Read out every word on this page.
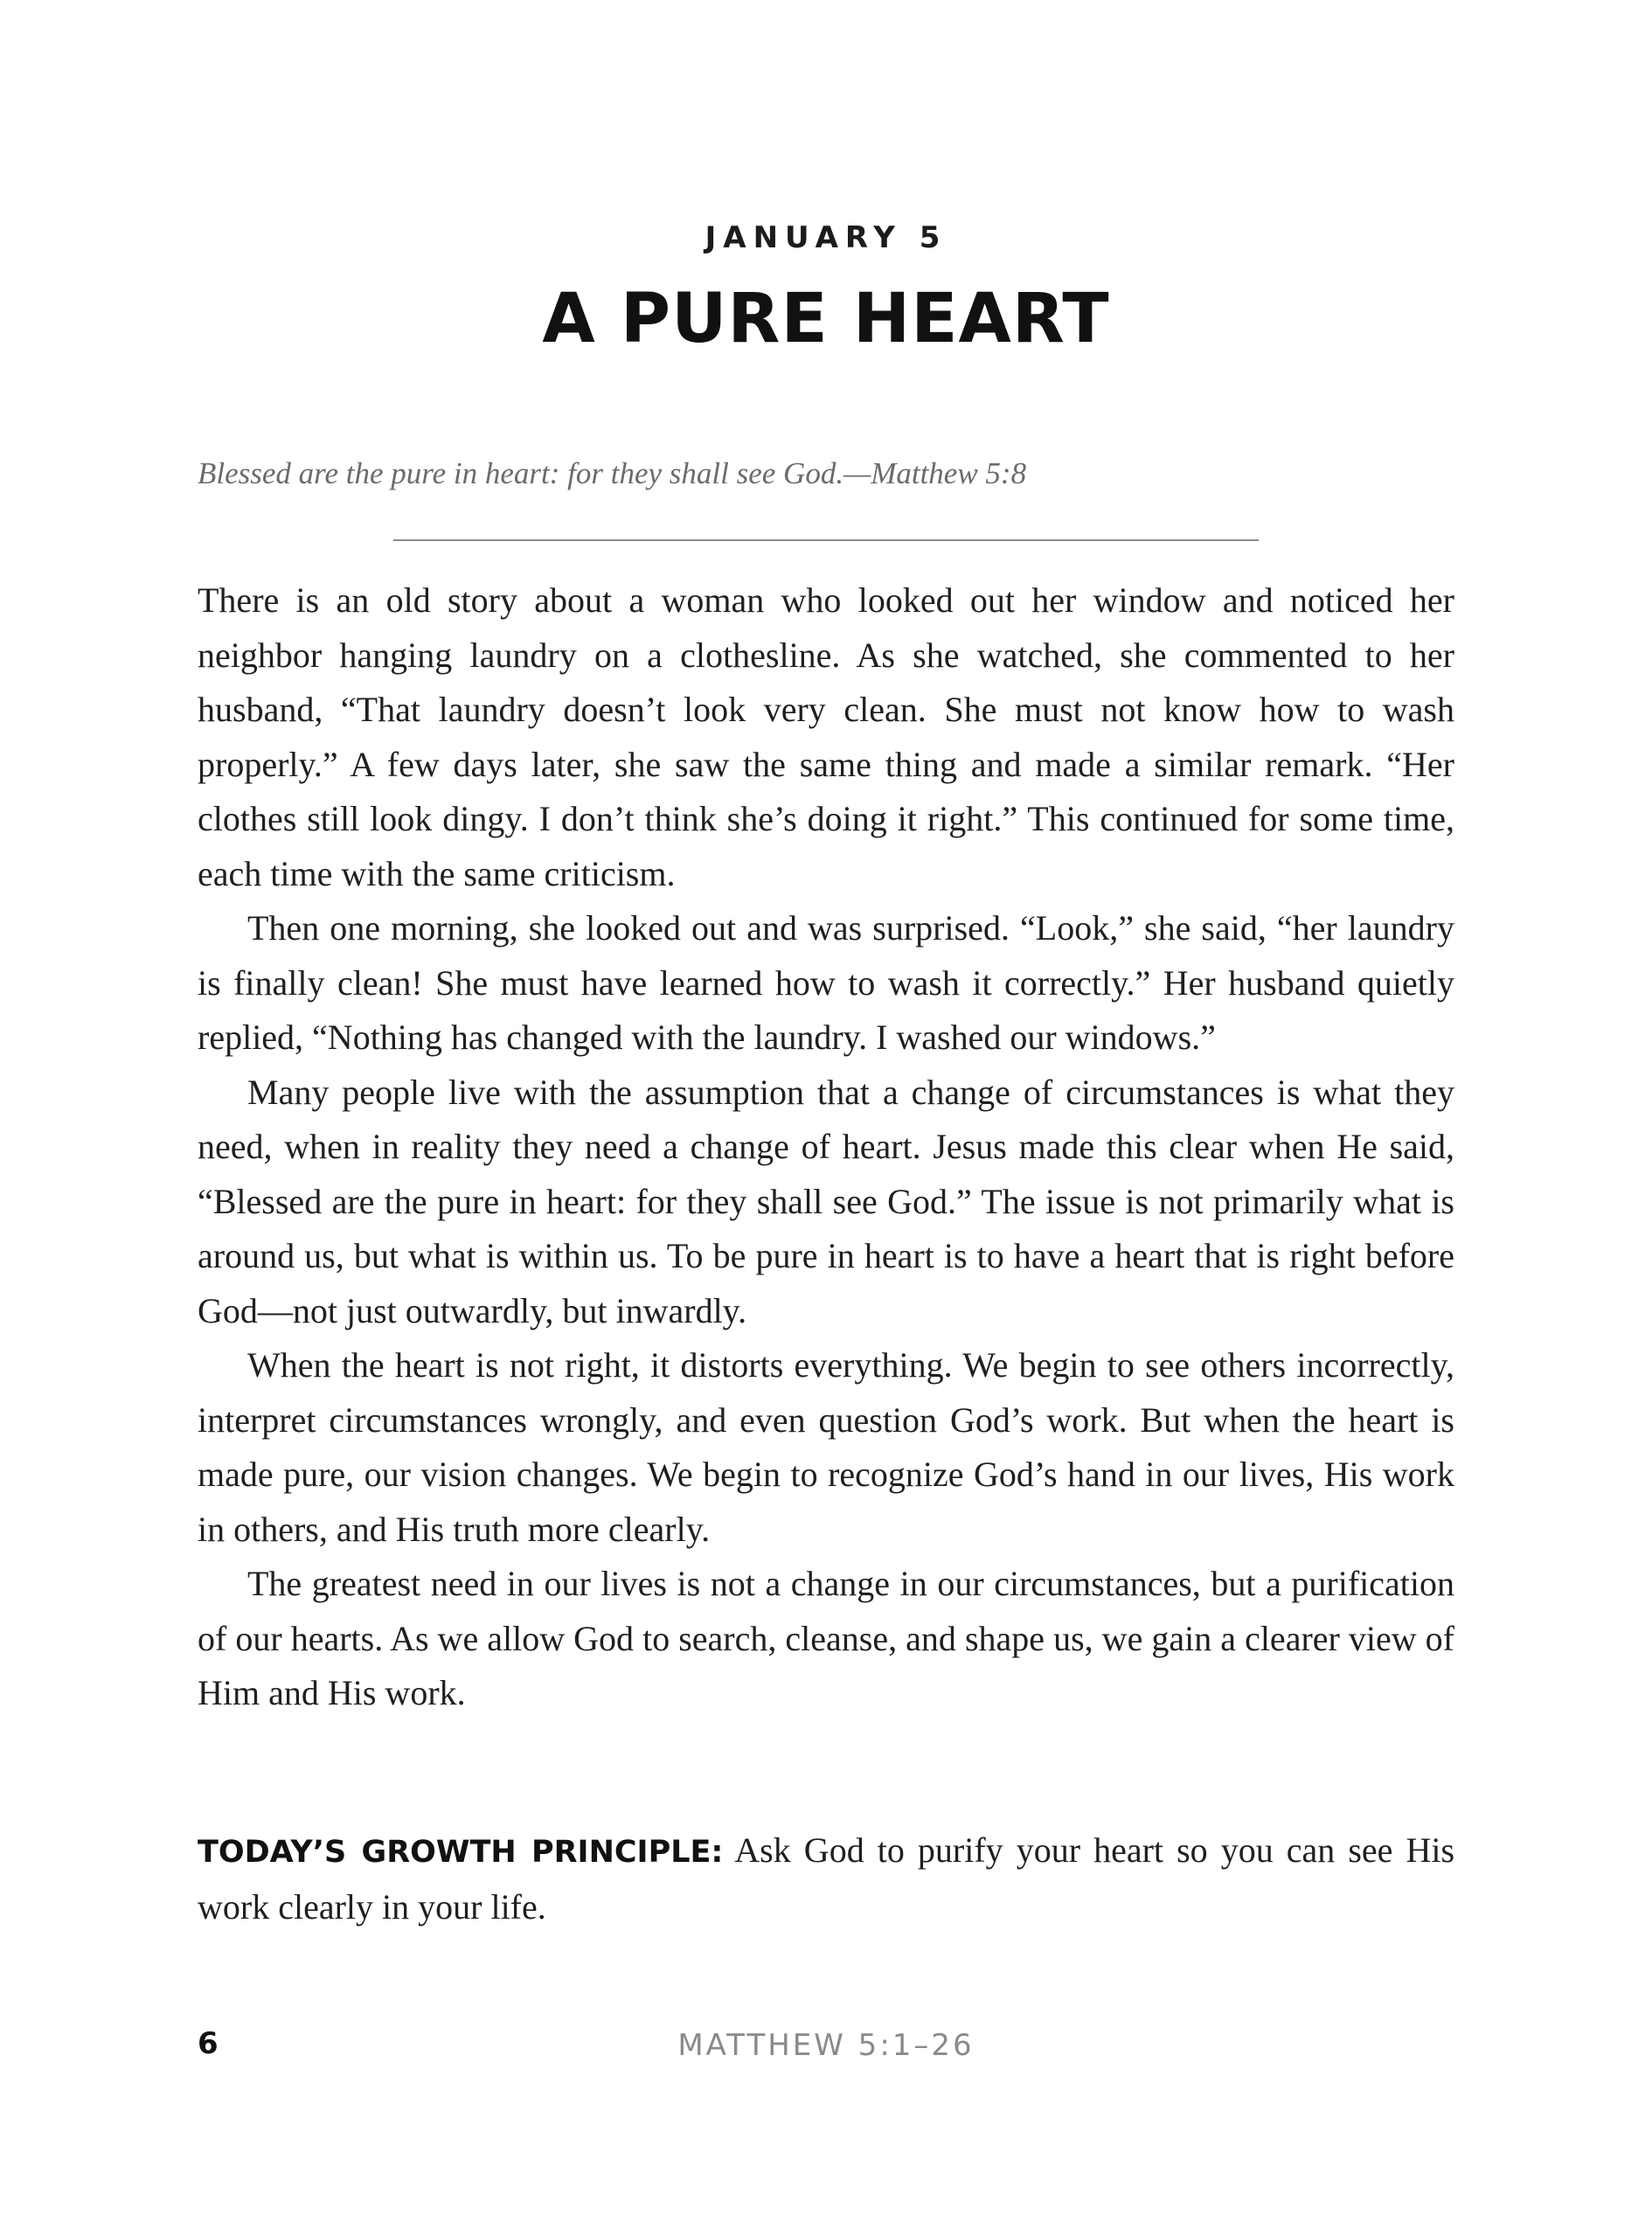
JANUARY 5
A PURE HEART
Blessed are the pure in heart: for they shall see God.—Matthew 5:8

There is an old story about a woman who looked out her window and noticed her neighbor hanging laundry on a clothesline. As she watched, she commented to her husband, “That laundry doesn’t look very clean. She must not know how to wash properly.” A few days later, she saw the same thing and made a similar remark. “Her clothes still look dingy. I don’t think she’s doing it right.” This continued for some time, each time with the same criticism.

Then one morning, she looked out and was surprised. “Look,” she said, “her laundry is finally clean! She must have learned how to wash it correctly.” Her husband quietly replied, “Nothing has changed with the laundry. I washed our windows.”

Many people live with the assumption that a change of circumstances is what they need, when in reality they need a change of heart. Jesus made this clear when He said, “Blessed are the pure in heart: for they shall see God.” The issue is not primarily what is around us, but what is within us. To be pure in heart is to have a heart that is right before God—not just outwardly, but inwardly.

When the heart is not right, it distorts everything. We begin to see others incorrectly, interpret circumstances wrongly, and even question God’s work. But when the heart is made pure, our vision changes. We begin to recognize God’s hand in our lives, His work in others, and His truth more clearly.

The greatest need in our lives is not a change in our circumstances, but a purification of our hearts. As we allow God to search, cleanse, and shape us, we gain a clearer view of Him and His work.

TODAY’S GROWTH PRINCIPLE: Ask God to purify your heart so you can see His work clearly in your life.

6	MATTHEW 5:1–26
